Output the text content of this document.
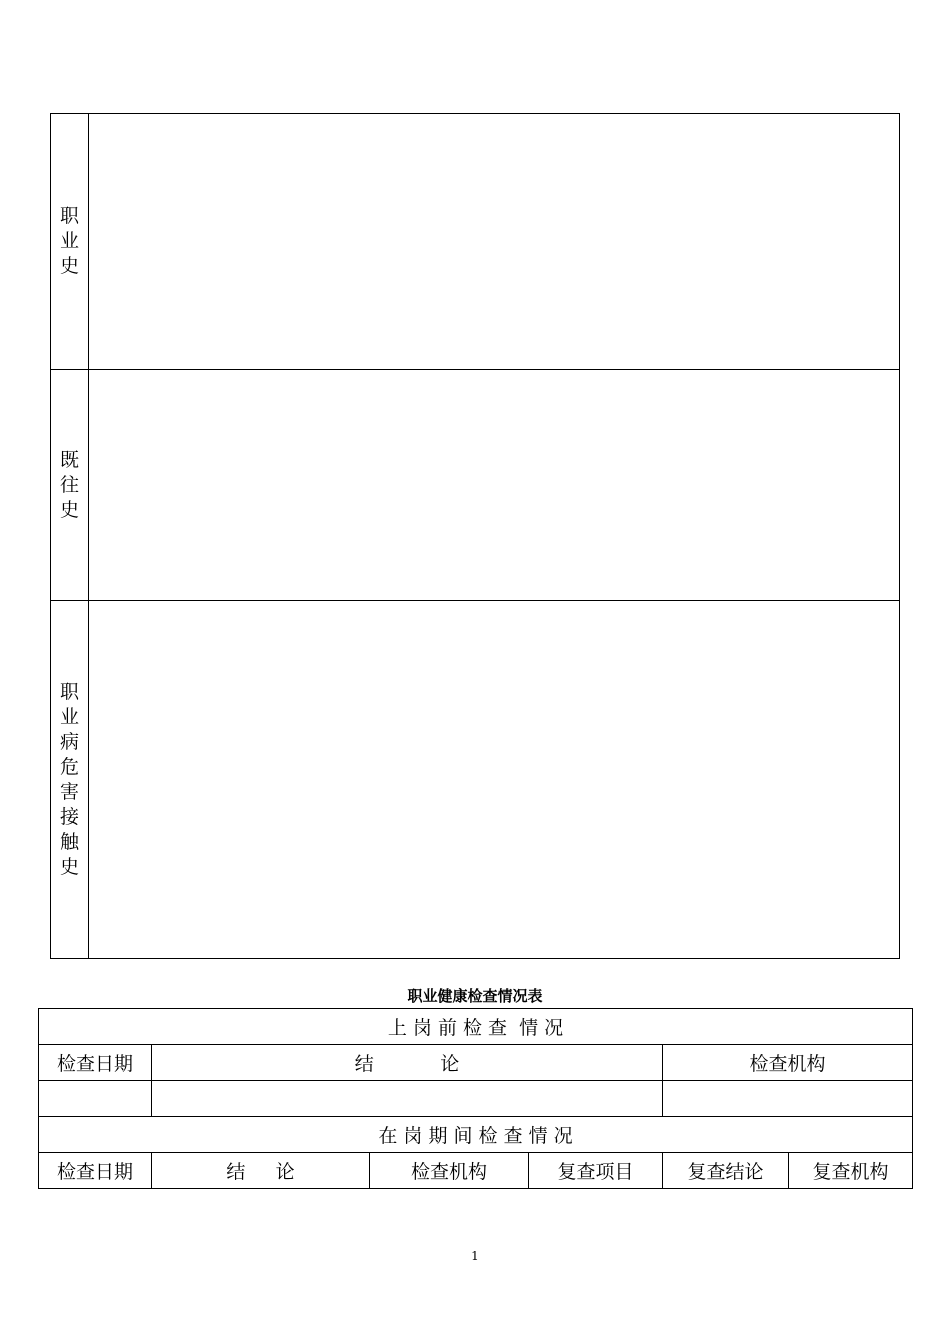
职业史	
既往史	
职业病危害接触史	
职业健康检查情况表
上 岗 前 检 查  情 况					
检查日期	结           论			检查机构	

在 岗 期 间 检 查 情 况					
检查日期	结     论	检查机构	复查项目	复查结论	复查机构
1
